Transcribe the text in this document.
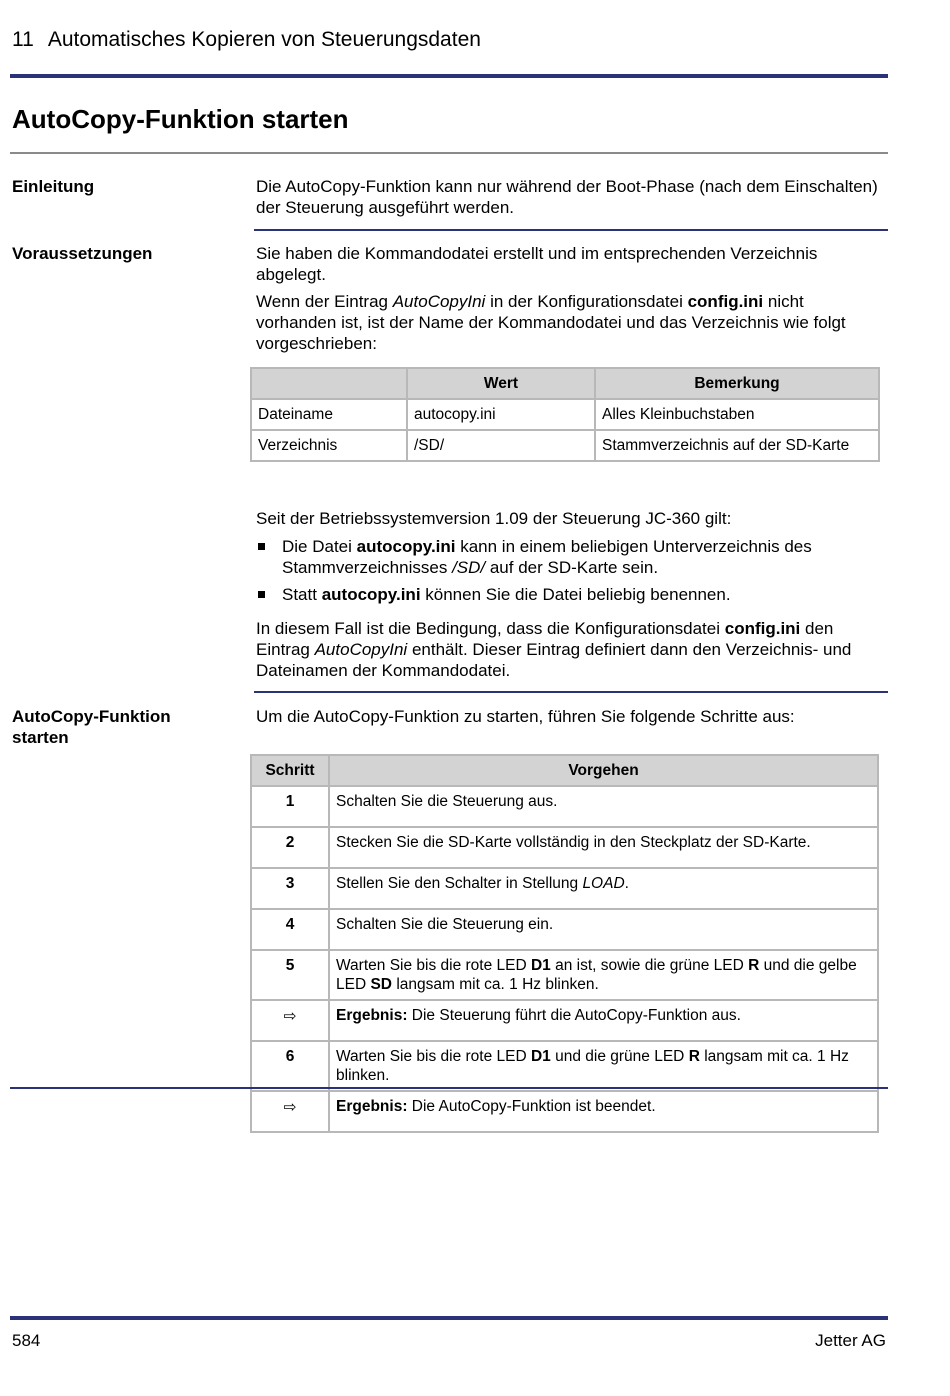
11 Automatisches Kopieren von Steuerungsdaten
AutoCopy-Funktion starten
Einleitung	Die AutoCopy-Funktion kann nur während der Boot-Phase (nach dem Einschalten) der Steuerung ausgeführt werden.
Voraussetzungen	Sie haben die Kommandodatei erstellt und im entsprechenden Verzeichnis abgelegt.
Wenn der Eintrag AutoCopyIni in der Konfigurationsdatei config.ini nicht vorhanden ist, ist der Name der Kommandodatei und das Verzeichnis wie folgt vorgeschrieben:
	Wert	Bemerkung
Dateiname	autocopy.ini	Alles Kleinbuchstaben
Verzeichnis	/SD/	Stammverzeichnis auf der SD-Karte
Seit der Betriebssystemversion 1.09 der Steuerung JC-360 gilt:
Die Datei autocopy.ini kann in einem beliebigen Unterverzeichnis des Stammverzeichnisses /SD/ auf der SD-Karte sein.
Statt autocopy.ini können Sie die Datei beliebig benennen.
In diesem Fall ist die Bedingung, dass die Konfigurationsdatei config.ini den Eintrag AutoCopyIni enthält. Dieser Eintrag definiert dann den Verzeichnis- und Dateinamen der Kommandodatei.
AutoCopy-Funktion starten
Um die AutoCopy-Funktion zu starten, führen Sie folgende Schritte aus:
Schritt	Vorgehen
1	Schalten Sie die Steuerung aus.
2	Stecken Sie die SD-Karte vollständig in den Steckplatz der SD-Karte.
3	Stellen Sie den Schalter in Stellung LOAD.
4	Schalten Sie die Steuerung ein.
5	Warten Sie bis die rote LED D1 an ist, sowie die grüne LED R und die gelbe LED SD langsam mit ca. 1 Hz blinken.
⇨	Ergebnis: Die Steuerung führt die AutoCopy-Funktion aus.
6	Warten Sie bis die rote LED D1 und die grüne LED R langsam mit ca. 1 Hz blinken.
⇨	Ergebnis: Die AutoCopy-Funktion ist beendet.
584	Jetter AG
